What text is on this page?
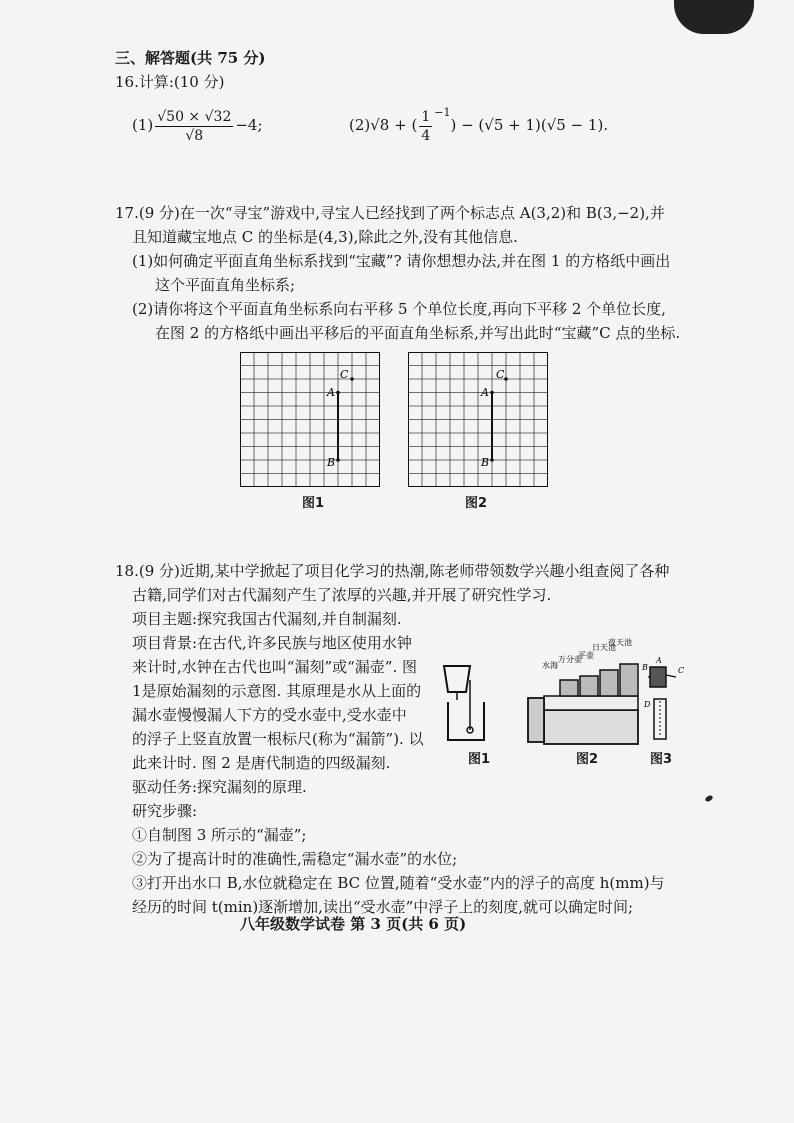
三、解答题(共 75 分)
16.计算:(10 分)
$(1) \frac{√50 \times √32}{√8} -4$;	(2)√8 + ( $\frac{1}{4} ^{-1}) - (√5 + 1)(√5 - 1)$.
17.(9 分)在一次“寻宝”游戏中,寻宝人已经找到了两个标志点 A(3,2)和 B(3,−2),并
且知道藏宝地点 C 的坐标是(4,3),除此之外,没有其他信息.
(1)如何确定平面直角坐标系找到“宝藏”? 请你想想办法,并在图 1 的方格纸中画出
这个平面直角坐标系;
(2)请你将这个平面直角坐标系向右平移 5 个单位长度,再向下平移 2 个单位长度,
在图 2 的方格纸中画出平移后的平面直角坐标系,并写出此时“宝藏”C 点的坐标.
A
B
C
图1
A
B
C
图2
18.(9 分)近期,某中学掀起了项目化学习的热潮,陈老师带领数学兴趣小组查阅了各种
古籍,同学们对古代漏刻产生了浓厚的兴趣,并开展了研究性学习.
项目主题:探究我国古代漏刻,并自制漏刻.
项目背景:在古代,许多民族与地区使用水钟
来计时,水钟在古代也叫“漏刻”或“漏壶”. 图
1是原始漏刻的示意图. 其原理是水从上面的
漏水壶慢慢漏人下方的受水壶中,受水壶中
的浮子上竖直放置一根标尺(称为“漏箭”). 以
此来计时. 图 2 是唐代制造的四级漏刻.
驱动任务:探究漏刻的原理.
研究步骤:
①自制图 3 所示的“漏壶”;
②为了提高计时的准确性,需稳定“漏水壶”的水位;
③打开出水口 B,水位就稳定在 BC 位置,随着“受水壶”内的浮子的高度 h(mm)与
经历的时间 t(min)逐渐增加,读出“受水壶”中浮子上的刻度,就可以确定时间;
图1
水海
万分壶
平壶
日天池
夜天池
图2
B
A
C
D
图3
八年级数学试卷 第 3 页(共 6 页)
